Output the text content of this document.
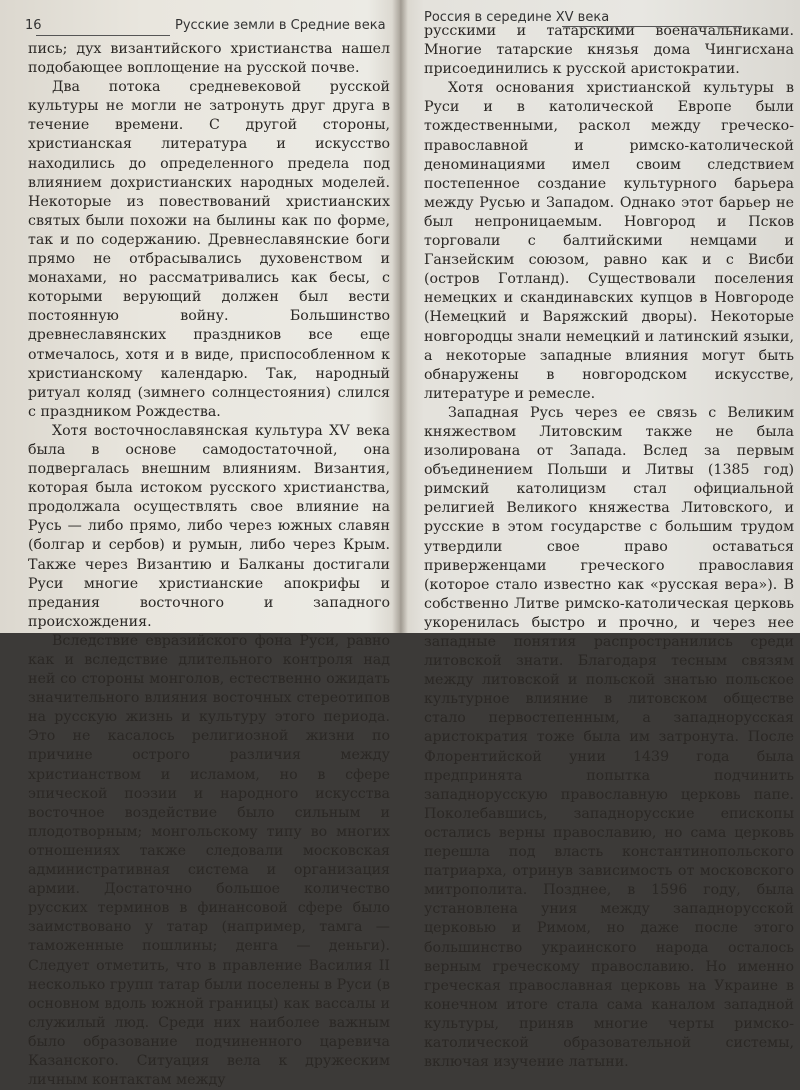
16	Русские земли в Средние века

пись; дух византийского христианства нашел подобающее воплощение на русской почве.

Два потока средневековой русской культуры не могли не затронуть друг друга в течение времени. С другой стороны, христианская литература и искусство находились до определенного предела под влиянием дохристианских народных моделей. Некоторые из повествований христианских святых были похожи на былины как по форме, так и по содержанию. Древнеславянские боги прямо не отбрасывались духовенством и монахами, но рассматривались как бесы, с которыми верующий должен был вести постоянную войну. Большинство древнеславянских праздников все еще отмечалось, хотя и в виде, приспособленном к христианскому календарю. Так, народный ритуал коляд (зимнего солнцестояния) слился с праздником Рождества.

Хотя восточнославянская культура XV века была в основе самодостаточной, она подвергалась внешним влияниям. Византия, которая была истоком русского христианства, продолжала осуществлять свое влияние на Русь — либо прямо, либо через южных славян (болгар и сербов) и румын, либо через Крым. Также через Византию и Балканы достигали Руси многие христианские апокрифы и предания восточного и западного происхождения.

Вследствие евразийского фона Руси, равно как и вследствие длительного контроля над ней со стороны монголов, естественно ожидать значительного влияния восточных стереотипов на русскую жизнь и культуру этого периода. Это не касалось религиозной жизни по причине острого различия между христианством и исламом, но в сфере эпической поэзии и народного искусства восточное воздействие было сильным и плодотворным; монгольскому типу во многих отношениях также следовали московская административная система и организация армии. Достаточно большое количество русских терминов в финансовой сфере было заимствовано у татар (например, тамга — таможенные пошлины; денга — деньги). Следует отметить, что в правление Василия II несколько групп татар были поселены в Руси (в основном вдоль южной границы) как вассалы и служилый люд. Среди них наиболее важным было образование подчиненного царевича Казанского. Ситуация вела к дружеским личным контактам между

Россия в середине XV века

русскими и татарскими военачальниками. Многие татарские князья дома Чингисхана присоединились к русской аристократии.

Хотя основания христианской культуры в Руси и в католической Европе были тождественными, раскол между греческо-православной и римско-католической деноминациями имел своим следствием постепенное создание культурного барьера между Русью и Западом. Однако этот барьер не был непроницаемым. Новгород и Псков торговали с балтийскими немцами и Ганзейским союзом, равно как и с Висби (остров Готланд). Существовали поселения немецких и скандинавских купцов в Новгороде (Немецкий и Варяжский дворы). Некоторые новгородцы знали немецкий и латинский языки, а некоторые западные влияния могут быть обнаружены в новгородском искусстве, литературе и ремесле.

Западная Русь через ее связь с Великим княжеством Литовским также не была изолирована от Запада. Вслед за первым объединением Польши и Литвы (1385 год) римский католицизм стал официальной религией Великого княжества Литовского, и русские в этом государстве с большим трудом утвердили свое право оставаться приверженцами греческого православия (которое стало известно как «русская вера»). В собственно Литве римско-католическая церковь укоренилась быстро и прочно, и через нее западные понятия распространились среди литовской знати. Благодаря тесным связям между литовской и польской знатью польское культурное влияние в литовском обществе стало первостепенным, а западнорусская аристократия тоже была им затронута. После Флорентийской унии 1439 года была предпринята попытка подчинить западнорусскую православную церковь папе. Поколебавшись, западнорусские епископы остались верны православию, но сама церковь перешла под власть константинопольского патриарха, отринув зависимость от московского митрополита. Позднее, в 1596 году, была установлена уния между западнорусской церковью и Римом, но даже после этого большинство украинского народа осталось верным греческому православию. Но именно греческая православная церковь на Украине в конечном итоге стала сама каналом западной культуры, приняв многие черты римско-католической образовательной системы, включая изучение латыни.
